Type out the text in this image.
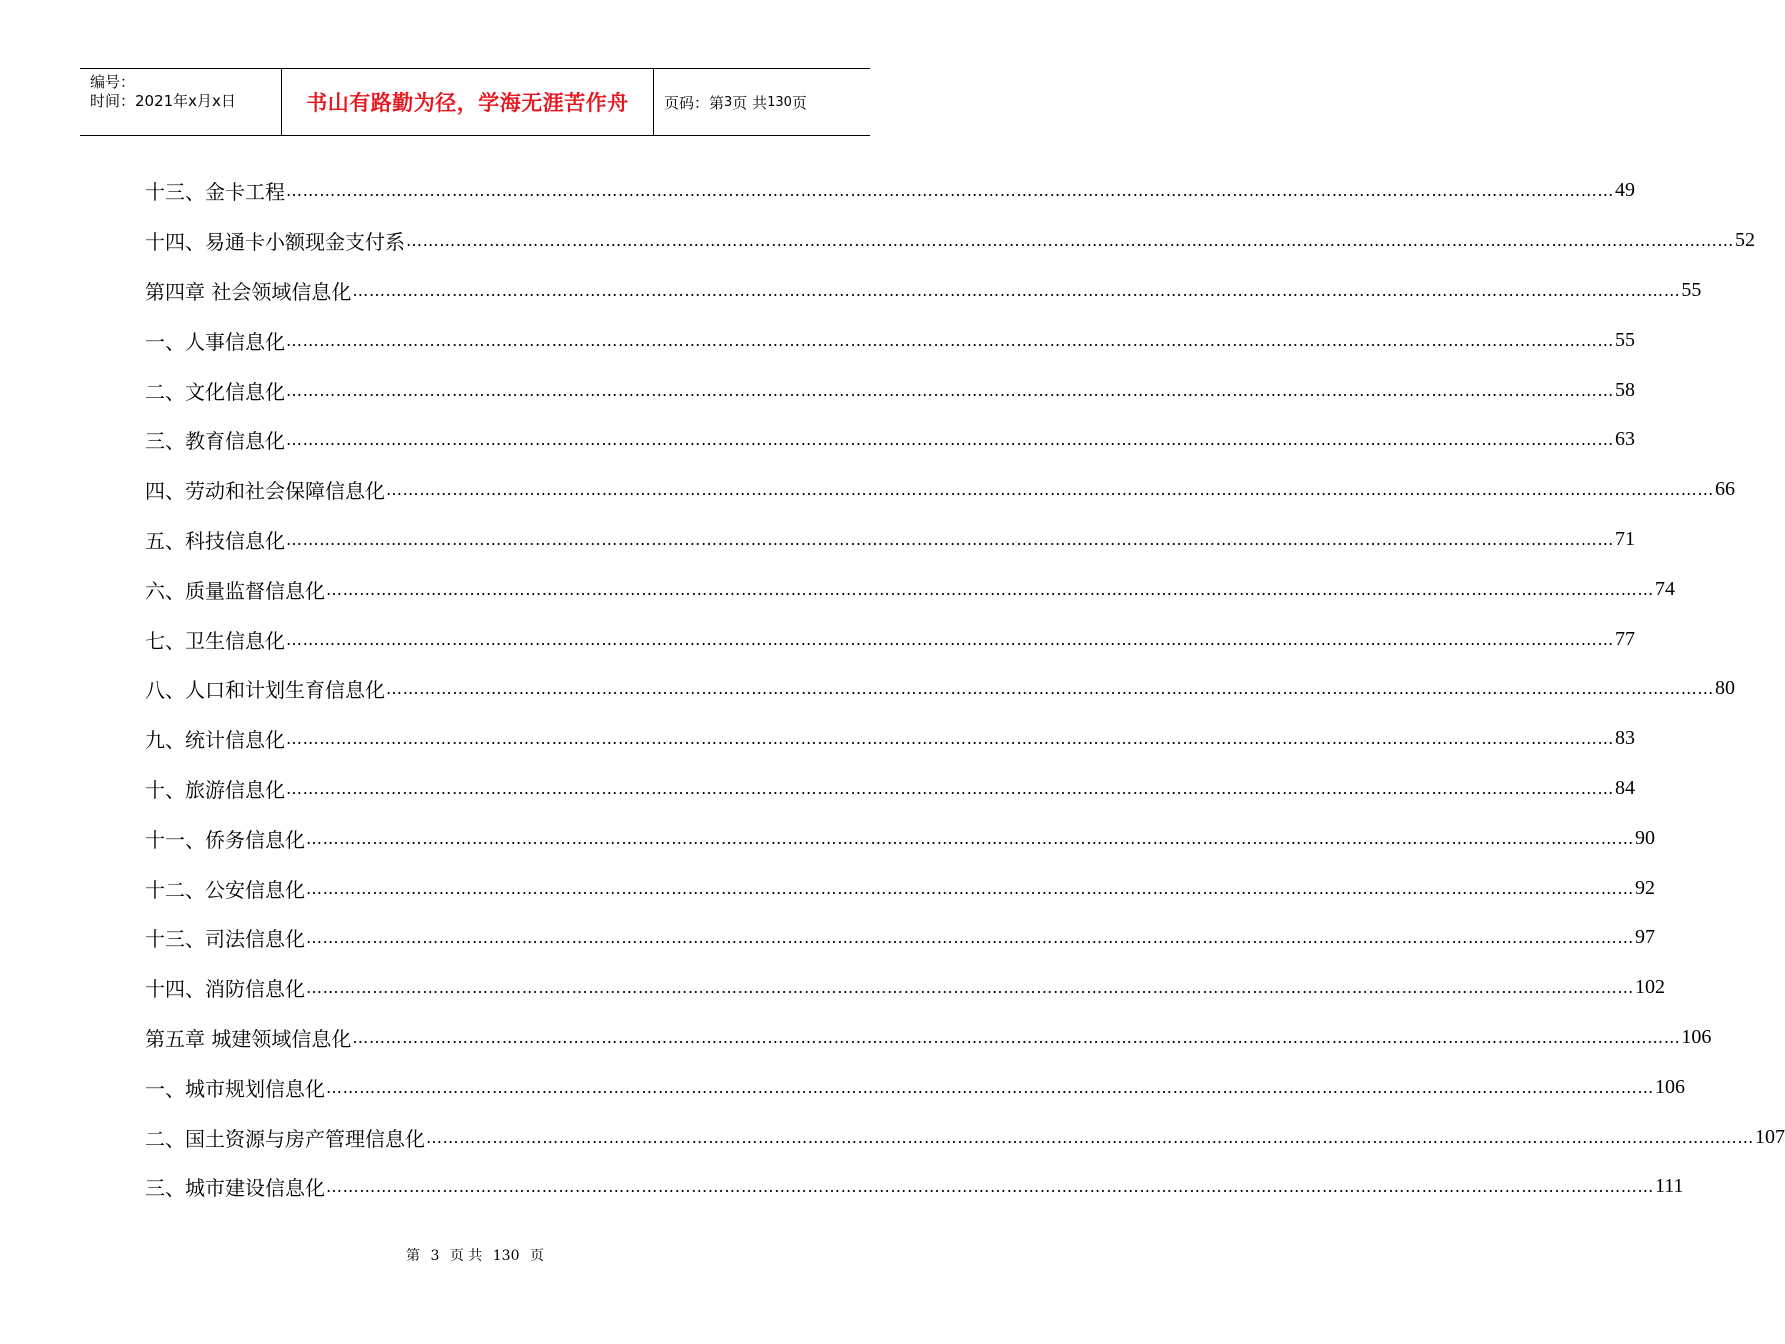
编号：
时间：2021年x月x日	书山有路勤为径，学海无涯苦作舟	页码：第 3 页 共 130 页
十三、金卡工程 …………………………………………………………………………………………………………………………………………………………………………………………………………………… 49
十四、易通卡小额现金支付系 …………………………………………………………………………………………………………………………………………………………………………………………………………………… 52
第四章 社会领域信息化 …………………………………………………………………………………………………………………………………………………………………………………………………………………… 55
一、人事信息化 …………………………………………………………………………………………………………………………………………………………………………………………………………………… 55
二、文化信息化 …………………………………………………………………………………………………………………………………………………………………………………………………………………… 58
三、教育信息化 …………………………………………………………………………………………………………………………………………………………………………………………………………………… 63
四、劳动和社会保障信息化 …………………………………………………………………………………………………………………………………………………………………………………………………………………… 66
五、科技信息化 …………………………………………………………………………………………………………………………………………………………………………………………………………………… 71
六、质量监督信息化 …………………………………………………………………………………………………………………………………………………………………………………………………………………… 74
七、卫生信息化 …………………………………………………………………………………………………………………………………………………………………………………………………………………… 77
八、人口和计划生育信息化 …………………………………………………………………………………………………………………………………………………………………………………………………………………… 80
九、统计信息化 …………………………………………………………………………………………………………………………………………………………………………………………………………………… 83
十、旅游信息化 …………………………………………………………………………………………………………………………………………………………………………………………………………………… 84
十一、侨务信息化 …………………………………………………………………………………………………………………………………………………………………………………………………………………… 90
十二、公安信息化 …………………………………………………………………………………………………………………………………………………………………………………………………………………… 92
十三、司法信息化 …………………………………………………………………………………………………………………………………………………………………………………………………………………… 97
十四、消防信息化 …………………………………………………………………………………………………………………………………………………………………………………………………………………… 102
第五章 城建领域信息化 …………………………………………………………………………………………………………………………………………………………………………………………………………………… 106
一、城市规划信息化 …………………………………………………………………………………………………………………………………………………………………………………………………………………… 106
二、国土资源与房产管理信息化 …………………………………………………………………………………………………………………………………………………………………………………………………………………… 107
三、城市建设信息化 …………………………………………………………………………………………………………………………………………………………………………………………………………………… 111
第 3 页 共 130 页
